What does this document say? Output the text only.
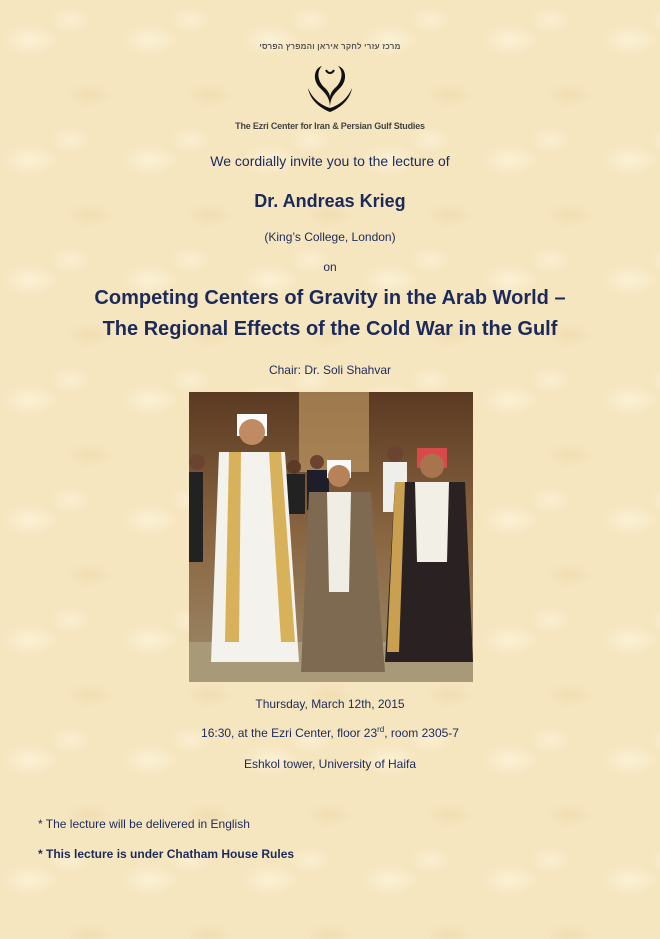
מרכז עזרי לחקר איראן והמפרץ הפרסי
The Ezri Center for Iran & Persian Gulf Studies
We cordially invite you to the lecture of
Dr. Andreas Krieg
(King’s College, London)
on
Competing Centers of Gravity in the Arab World –
The Regional Effects of the Cold War in the Gulf
Chair: Dr. Soli Shahvar
Thursday, March 12th, 2015
16:30, at the Ezri Center, floor 23rd, room 2305-7
Eshkol tower, University of Haifa
* The lecture will be delivered in English
* This lecture is under Chatham House Rules
